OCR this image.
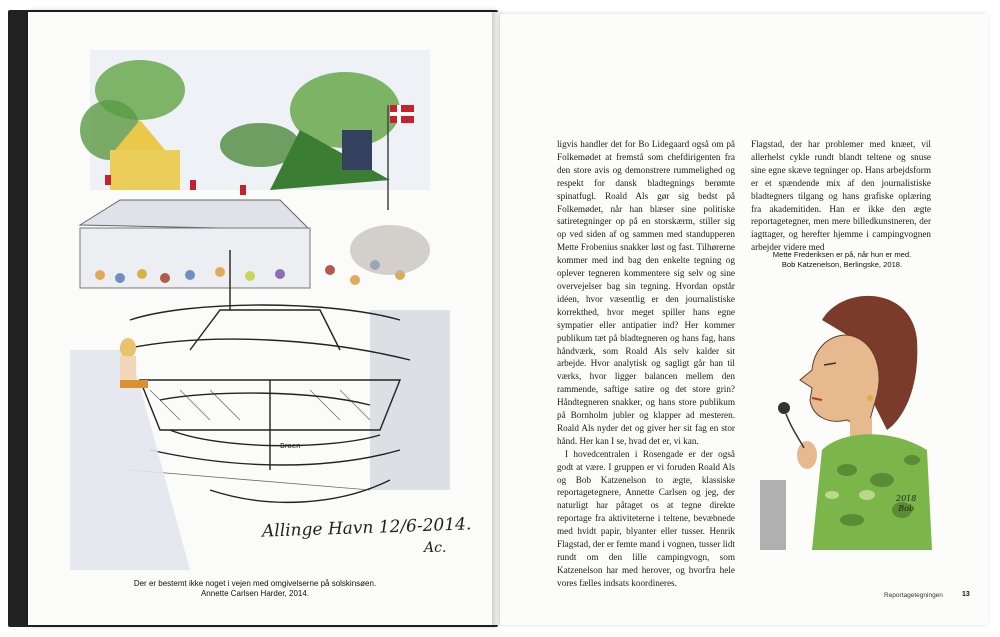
Broen
Allinge Havn 12/6-2014.
Ac.
Der er bestemt ikke noget i vejen med omgivelserne på solskinsøen.
Annette Carlsen Harder, 2014.

ligvis handler det for Bo Lidegaard også om på Folkemødet at fremstå som chefdirigenten fra den store avis og demonstrere rummelighed og respekt for dansk bladtegnings berømte spinatfugl. Roald Als gør sig bedst på Folkemødet, når han blæser sine politiske satiretegninger op på en storskærm, stiller sig op ved siden af og sammen med standupperen Mette Frobenius snakker løst og fast. Tilhørerne kommer med ind bag den enkelte tegning og oplever tegneren kommentere sig selv og sine overvejelser bag sin tegning. Hvordan opstår idéen, hvor væsentlig er den journalistiske korrekthed, hvor meget spiller hans egne sympatier eller antipatier ind? Her kommer publikum tæt på bladtegneren og hans fag, hans håndværk, som Roald Als selv kalder sit arbejde. Hvor analytisk og sagligt går han til værks, hvor ligger balancen mellem den rammende, saftige satire og det store grin? Håndtegneren snakker, og hans store publikum på Bornholm jubler og klapper ad mesteren. Roald Als nyder det og giver her sit fag en stor hånd. Her kan I se, hvad det er, vi kan.

I hovedcentralen i Rosengade er der også godt at være. I gruppen er vi foruden Roald Als og Bob Katzenelson to ægte, klassiske reportagetegnere, Annette Carlsen og jeg, der naturligt har påtaget os at tegne direkte reportage fra aktiviteterne i teltene, bevæbnede med hvidt papir, blyanter eller tusser. Henrik Flagstad, der er femte mand i vognen, tusser lidt rundt om den lille campingvogn, som Katzenelson har med herover, og hvorfra hele vores fælles indsats koordineres.

Flagstad, der har problemer med knæet, vil allerhelst cykle rundt blandt teltene og snuse sine egne skæve tegninger op. Hans arbejdsform er et spændende mix af den journalistiske bladtegners tilgang og hans grafiske oplæring fra akademitiden. Han er ikke den ægte reportagetegner, men mere billedkunstneren, der iagttager, og herefter hjemme i campingvognen arbejder videre med

Mette Frederiksen er på, når hun er med.
Bob Katzenelson, Berlingske, 2018.
2018
Bob
Reportagetegningen	13
